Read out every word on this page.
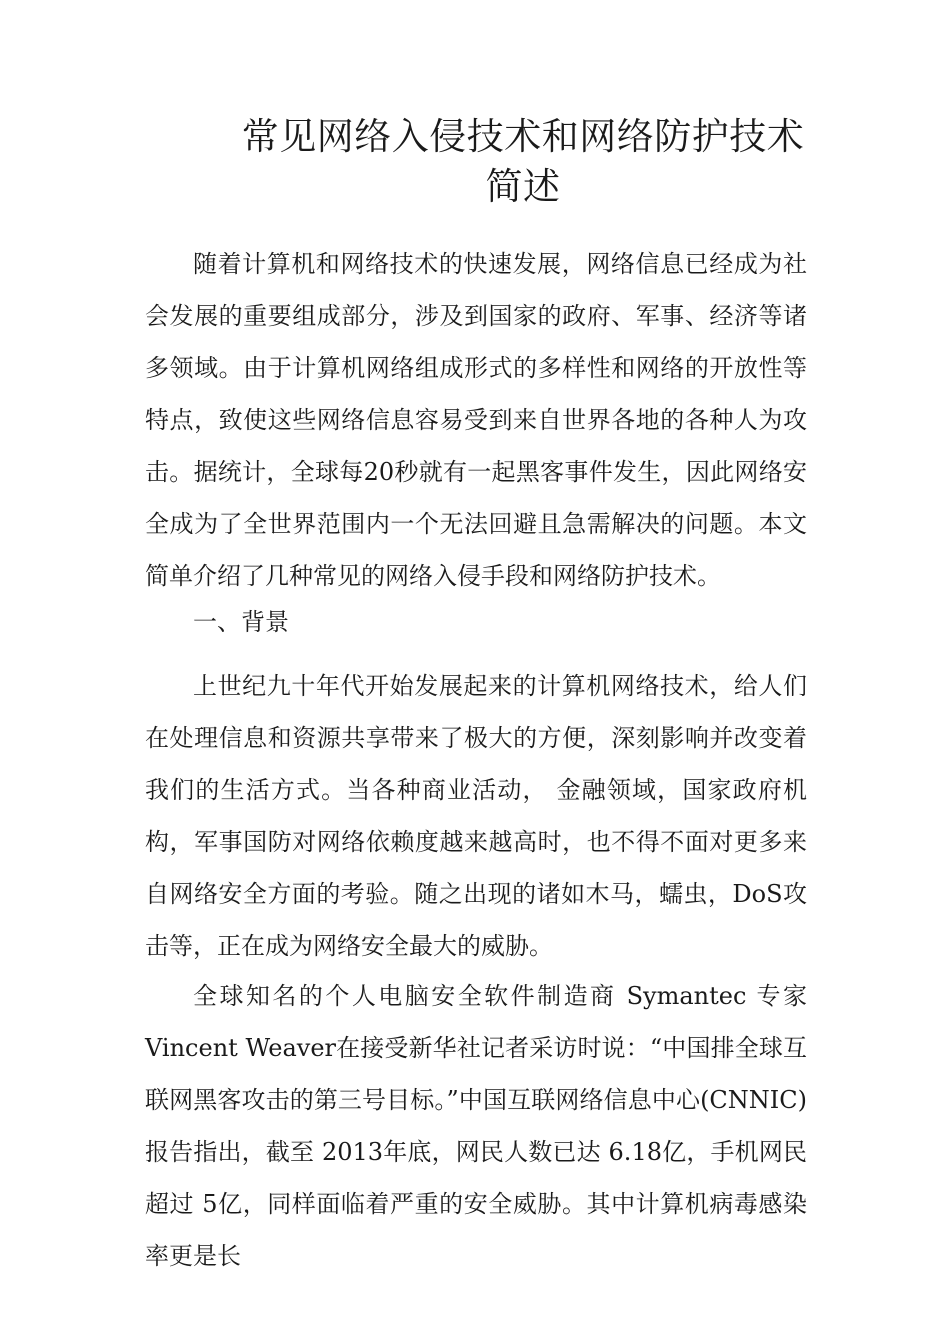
常见网络入侵技术和网络防护技术简述

随着计算机和网络技术的快速发展，网络信息已经成为社会发展的重要组成部分，涉及到国家的政府、军事、经济等诸多领域。由于计算机网络组成形式的多样性和网络的开放性等特点，致使这些网络信息容易受到来自世界各地的各种人为攻击。据统计，全球每20秒就有一起黑客事件发生，因此网络安全成为了全世界范围内一个无法回避且急需解决的问题。本文简单介绍了几种常见的网络入侵手段和网络防护技术。

一、背景

上世纪九十年代开始发展起来的计算机网络技术，给人们在处理信息和资源共享带来了极大的方便，深刻影响并改变着我们的生活方式。当各种商业活动， 金融领域，国家政府机构，军事国防对网络依赖度越来越高时，也不得不面对更多来自网络安全方面的考验。随之出现的诸如木马，蠕虫，DoS攻击等，正在成为网络安全最大的威胁。

全球知名的个人电脑安全软件制造商 Symantec 专家Vincent Weaver在接受新华社记者采访时说：“中国排全球互联网黑客攻击的第三号目标。”中国互联网络信息中心(CNNIC)报告指出，截至 2013年底，网民人数已达 6.18亿，手机网民超过 5亿，同样面临着严重的安全威胁。其中计算机病毒感染率更是长
